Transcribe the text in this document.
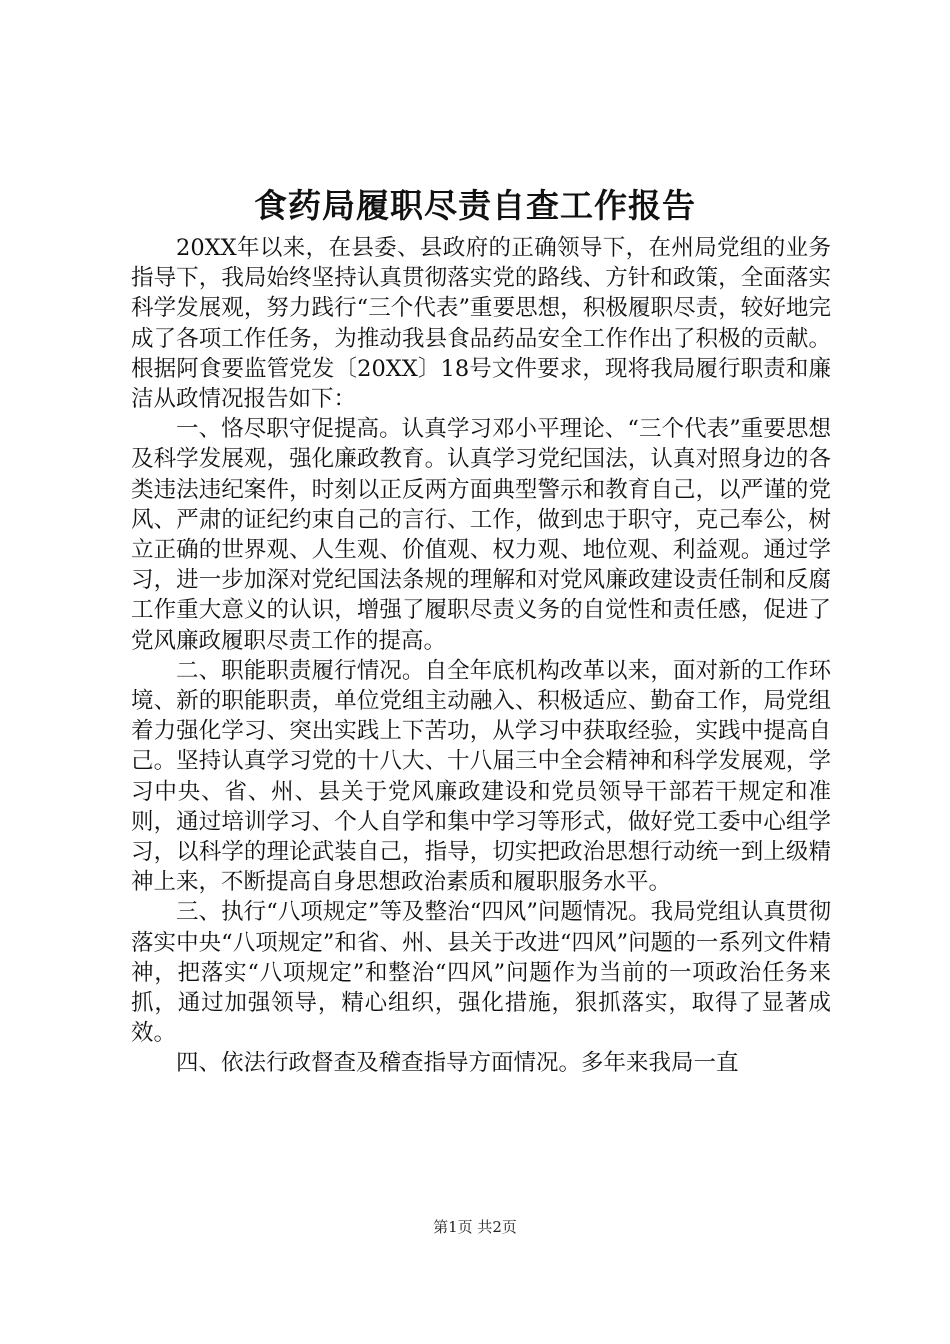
食药局履职尽责自查工作报告

20XX年以来，在县委、县政府的正确领导下，在州局党组的业务指导下，我局始终坚持认真贯彻落实党的路线、方针和政策，全面落实科学发展观，努力践行“三个代表”重要思想，积极履职尽责，较好地完成了各项工作任务，为推动我县食品药品安全工作作出了积极的贡献。根据阿食要监管党发〔20XX〕18号文件要求，现将我局履行职责和廉洁从政情况报告如下：

一、恪尽职守促提高。认真学习邓小平理论、“三个代表”重要思想及科学发展观，强化廉政教育。认真学习党纪国法，认真对照身边的各类违法违纪案件，时刻以正反两方面典型警示和教育自己，以严谨的党风、严肃的证纪约束自己的言行、工作，做到忠于职守，克己奉公，树立正确的世界观、人生观、价值观、权力观、地位观、利益观。通过学习，进一步加深对党纪国法条规的理解和对党风廉政建设责任制和反腐工作重大意义的认识，增强了履职尽责义务的自觉性和责任感，促进了党风廉政履职尽责工作的提高。

二、职能职责履行情况。自全年底机构改革以来，面对新的工作环境、新的职能职责，单位党组主动融入、积极适应、勤奋工作，局党组着力强化学习、突出实践上下苦功，从学习中获取经验，实践中提高自己。坚持认真学习党的十八大、十八届三中全会精神和科学发展观，学习中央、省、州、县关于党风廉政建设和党员领导干部若干规定和准则，通过培训学习、个人自学和集中学习等形式，做好党工委中心组学习，以科学的理论武装自己，指导，切实把政治思想行动统一到上级精神上来，不断提高自身思想政治素质和履职服务水平。

三、执行“八项规定”等及整治“四风”问题情况。我局党组认真贯彻落实中央“八项规定”和省、州、县关于改进“四风”问题的一系列文件精神，把落实“八项规定”和整治“四风”问题作为当前的一项政治任务来抓，通过加强领导，精心组织，强化措施，狠抓落实，取得了显著成效。

四、依法行政督查及稽查指导方面情况。多年来我局一直

第1页 共2页
